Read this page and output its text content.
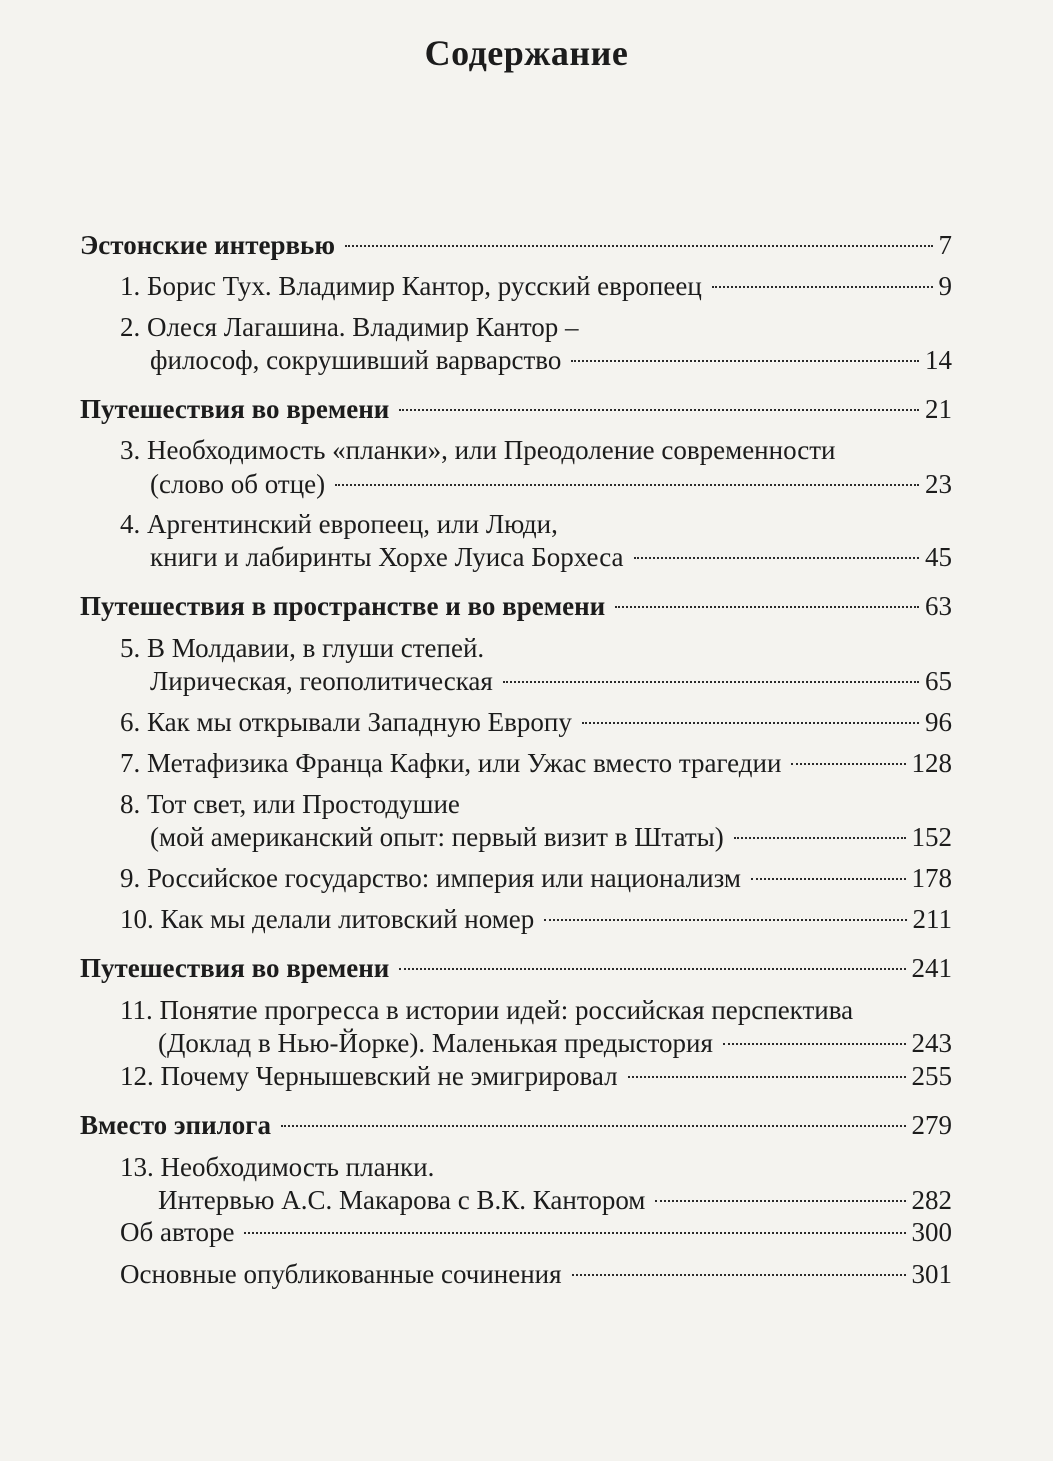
Содержание
Эстонские интервью	7
1. Борис Тух. Владимир Кантор, русский европеец	9
2. Олеся Лагашина. Владимир Кантор –
философ, сокрушивший варварство	14
Путешествия во времени	21
3. Необходимость «планки», или Преодоление современности
(слово об отце)	23
4. Аргентинский европеец, или Люди,
книги и лабиринты Хорхе Луиса Борхеса	45
Путешествия в пространстве и во времени	63
5. В Молдавии, в глуши степей.
Лирическая, геополитическая	65
6. Как мы открывали Западную Европу	96
7. Метафизика Франца Кафки, или Ужас вместо трагедии	128
8. Тот свет, или Простодушие
(мой американский опыт: первый визит в Штаты)	152
9. Российское государство: империя или национализм	178
10. Как мы делали литовский номер	211
Путешествия во времени	241
11. Понятие прогресса в истории идей: российская перспектива
(Доклад в Нью-Йорке). Маленькая предыстория	243
12. Почему Чернышевский не эмигрировал	255
Вместо эпилога	279
13. Необходимость планки.
Интервью А.С. Макарова с В.К. Кантором	282
Об авторе	300
Основные опубликованные сочинения	301
